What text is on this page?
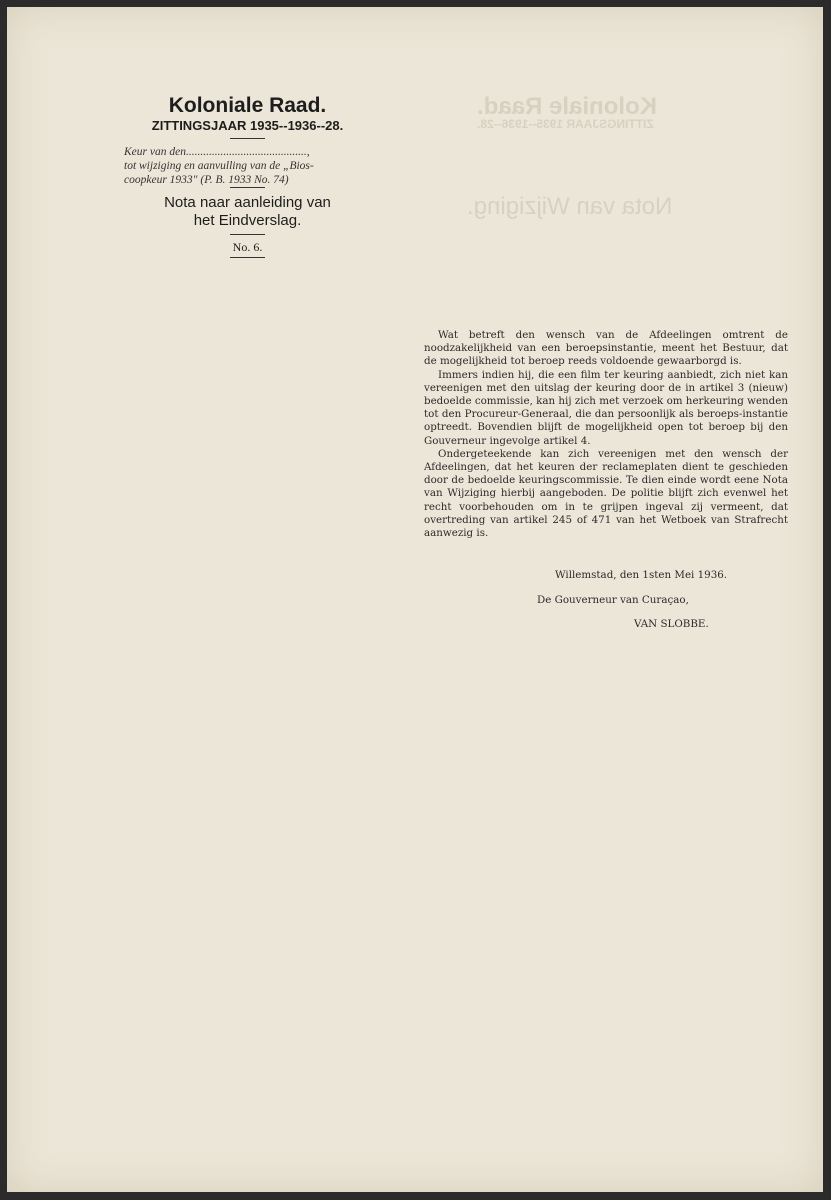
Koloniale Raad.
ZITTINGSJAAR 1935--1936--28.
Nota van Wijziging.
Koloniale Raad.
ZITTINGSJAAR 1935--1936--28.
Keur van den..........................................,
tot wijziging en aanvulling van de „Bios-
coopkeur 1933" (P. B. 1933 No. 74)
Nota naar aanleiding van
het Eindverslag.
No. 6.

Wat betreft den wensch van de Afdeelingen omtrent de noodzakelijkheid van een beroepsinstantie, meent het Bestuur, dat de mogelijkheid tot beroep reeds voldoende gewaarborgd is.

Immers indien hij, die een film ter keuring aanbiedt, zich niet kan vereenigen met den uitslag der keuring door de in artikel 3 (nieuw) bedoelde commissie, kan hij zich met verzoek om herkeuring wenden tot den Procureur-Generaal, die dan persoonlijk als beroeps-instantie optreedt. Bovendien blijft de mogelijkheid open tot beroep bij den Gouverneur ingevolge artikel 4.

Ondergeteekende kan zich vereenigen met den wensch der Afdeelingen, dat het keuren der reclameplaten dient te geschieden door de bedoelde keuringscommissie. Te dien einde wordt eene Nota van Wijziging hierbij aangeboden. De politie blijft zich evenwel het recht voorbehouden om in te grijpen ingeval zij vermeent, dat overtreding van artikel 245 of 471 van het Wetboek van Strafrecht aanwezig is.

Willemstad, den 1sten Mei 1936.
De Gouverneur van Curaçao,
VAN SLOBBE.
